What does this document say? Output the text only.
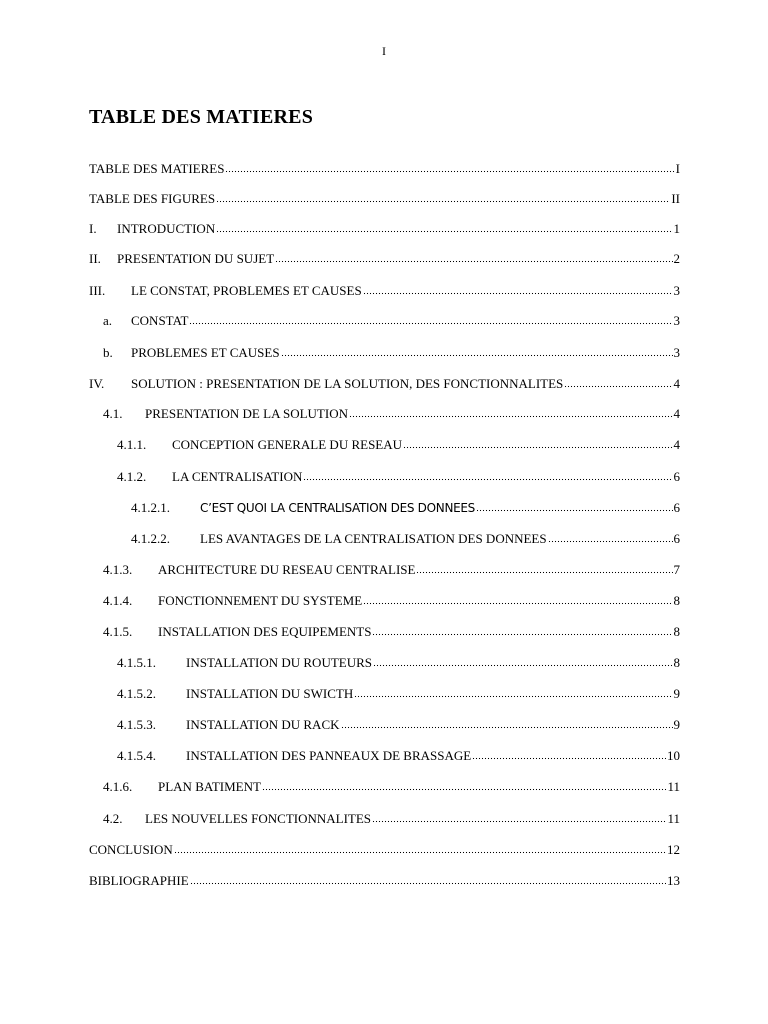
I
TABLE DES MATIERES
TABLE DES MATIERES	I
TABLE DES FIGURES	II
I.	INTRODUCTION	1
II.	PRESENTATION DU SUJET	2
III.	LE CONSTAT, PROBLEMES ET CAUSES	3
a.	CONSTAT	3
b.	PROBLEMES ET CAUSES	3
IV.	SOLUTION : PRESENTATION DE LA SOLUTION, DES FONCTIONNALITES	4
4.1.	PRESENTATION DE LA SOLUTION	4
4.1.1.	CONCEPTION GENERALE DU RESEAU	4
4.1.2.	LA CENTRALISATION	6
4.1.2.1.	C’EST QUOI LA CENTRALISATION DES DONNEES	6
4.1.2.2.	LES AVANTAGES DE LA CENTRALISATION DES DONNEES	6
4.1.3.	ARCHITECTURE DU RESEAU CENTRALISE	7
4.1.4.	FONCTIONNEMENT DU SYSTEME	8
4.1.5.	INSTALLATION DES EQUIPEMENTS	8
4.1.5.1.	INSTALLATION DU ROUTEURS	8
4.1.5.2.	INSTALLATION DU SWICTH	9
4.1.5.3.	INSTALLATION DU RACK	9
4.1.5.4.	INSTALLATION DES PANNEAUX DE BRASSAGE	10
4.1.6.	PLAN BATIMENT	11
4.2.	LES NOUVELLES FONCTIONNALITES	11
CONCLUSION	12
BIBLIOGRAPHIE	13
